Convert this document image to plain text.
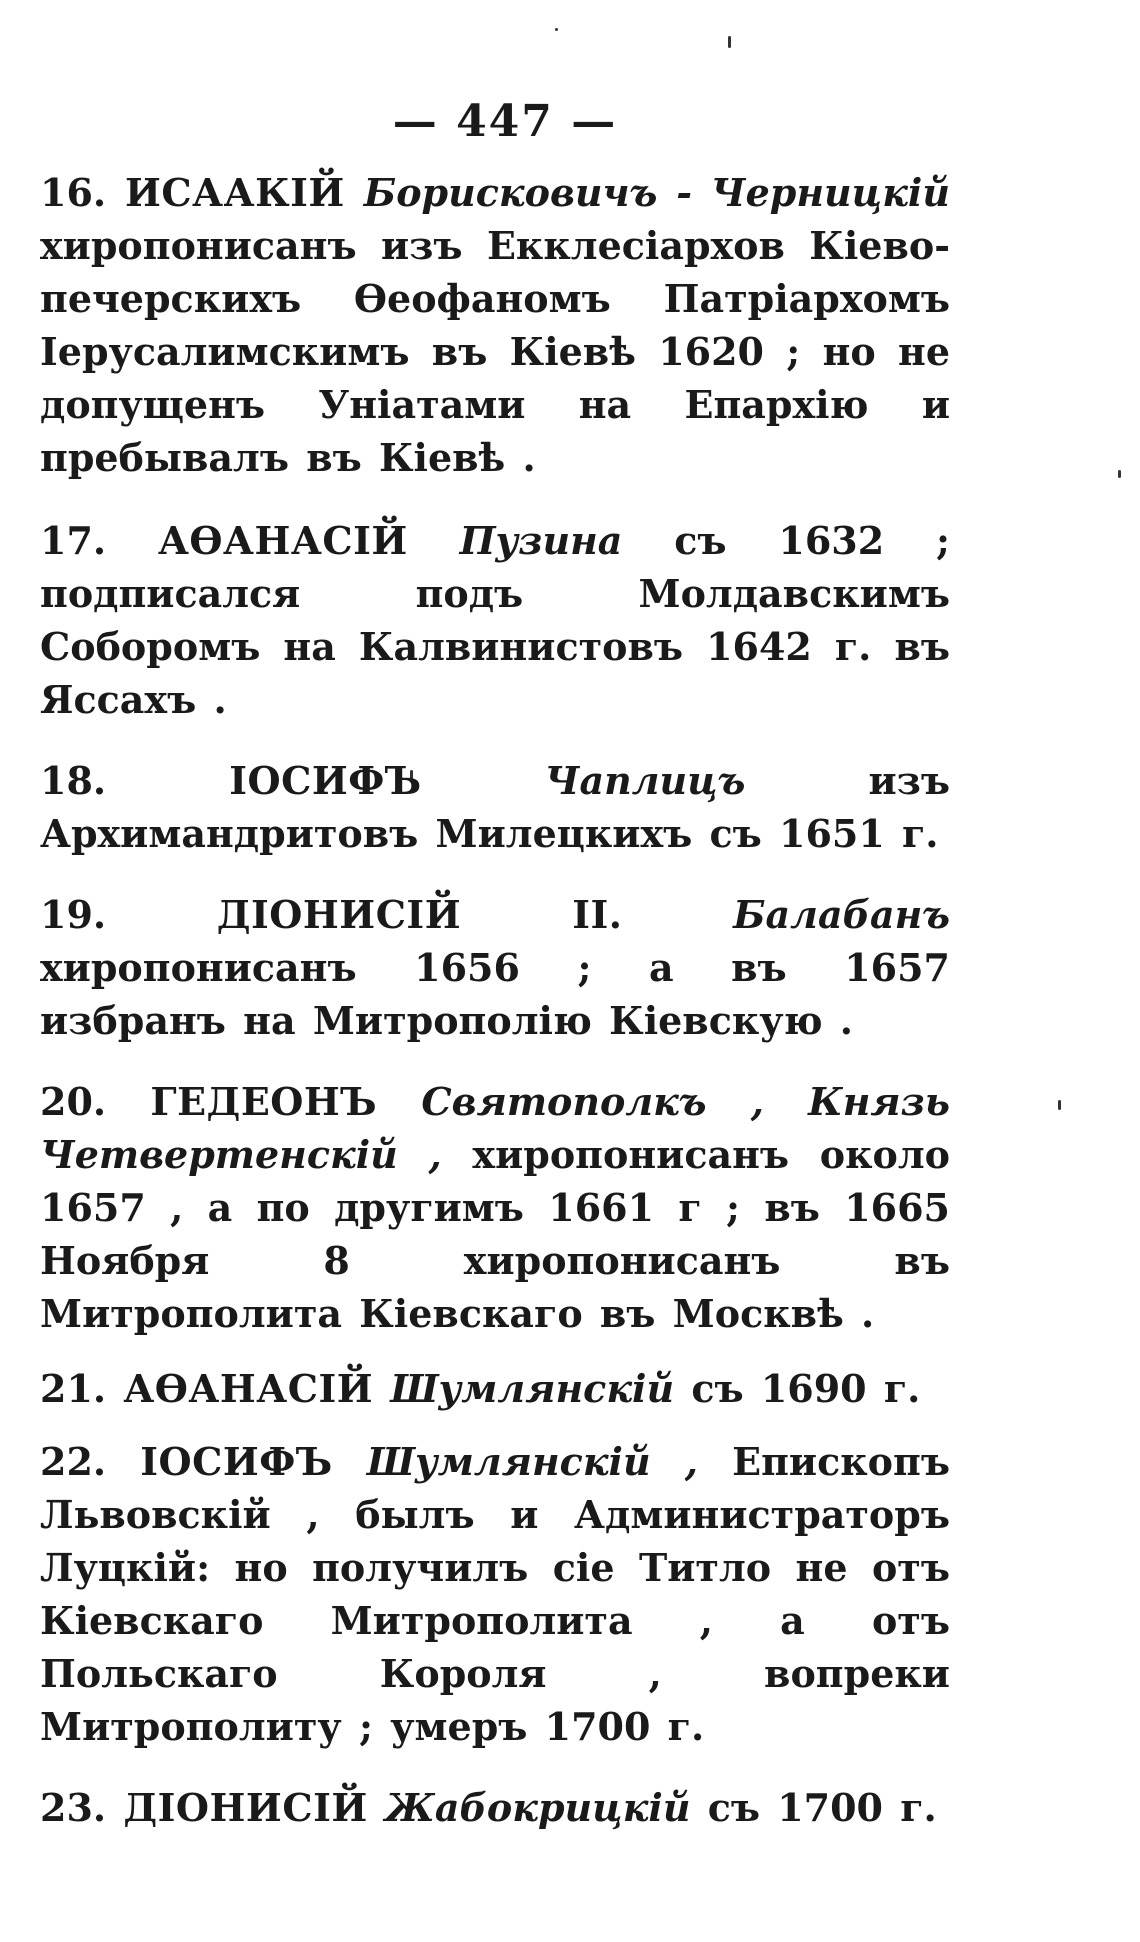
— 447 —

16. ИСААКІЙ Борисковичъ - Черницкій хиропонисанъ изъ Екклесіархов Кіево-печерскихъ Өеофаномъ Патріархомъ Іерусалимскимъ въ Кіевѣ 1620 ; но не допущенъ Уніатами на Епархію и пребывалъ въ Кіевѣ .

17. АӨАНАСІЙ Пузина съ 1632 ; подписался подъ Молдавскимъ Соборомъ на Калвинистовъ 1642 г. въ Яссахъ .

18.	ІОСИФЪ	Чаплицъ	изъ Архимандритовъ Милецкихъ съ 1651 г.

19.	ДІОНИСІЙ II.	Балабанъ хиропонисанъ 1656 ; а въ 1657 избранъ на Митрополію Кіевскую .

20. ГЕДЕОНЪ Святополкъ , Князь Четвертенскій , хиропонисанъ около 1657 , а по другимъ 1661 г ; въ 1665 Ноября 8 хиропонисанъ въ Митрополита Кіевскаго въ Москвѣ .

21. АӨАНАСІЙ Шумлянскій съ 1690 г.

22. ІОСИФЪ Шумлянскій , Епископъ Львовскій , былъ и Администраторъ Луцкій: но получилъ сіе Титло не отъ Кіевскаго Митрополита , а отъ Польскаго Короля , вопреки Митрополиту ; умеръ 1700 г.

23. ДІОНИСІЙ Жабокрицкій съ 1700 г.
